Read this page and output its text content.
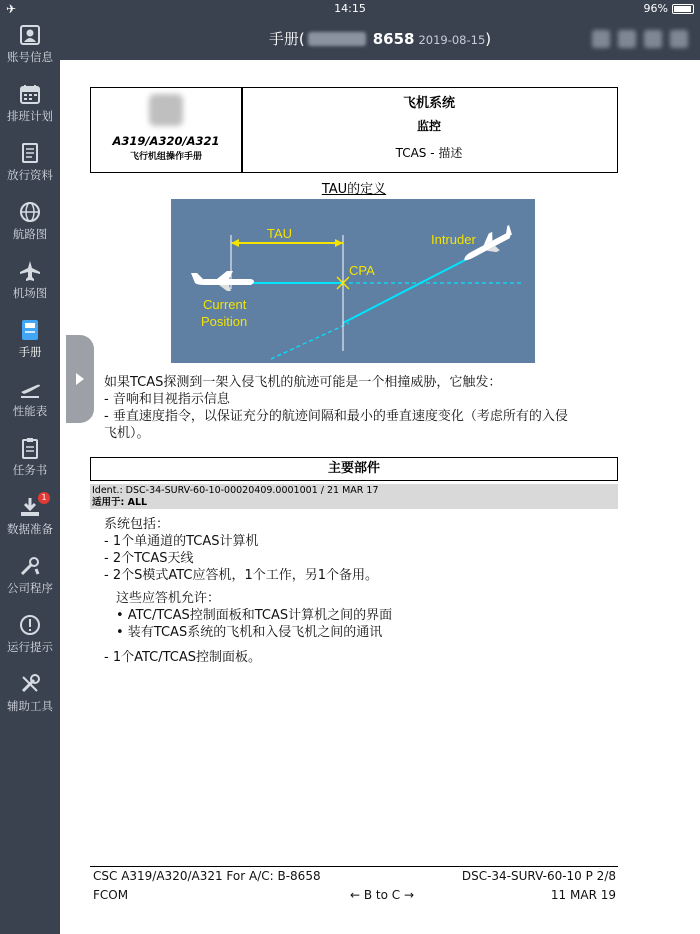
✈	14:15	96%
账号信息
排班计划
放行资料
航路图
机场图
手册
性能表
任务书
1
数据准备
公司程序
运行提示
辅助工具
手册(	8658 2019-08-15)
A319/A320/A321
飞行机组操作手册
飞机系统
监控
TCAS - 描述
TAU的定义
TAU
CPA
Current
Position
Intruder
如果TCAS探测到一架入侵飞机的航迹可能是一个相撞威胁，它触发：
- 音响和目视指示信息
- 垂直速度指令，以保证充分的航迹间隔和最小的垂直速度变化（考虑所有的入侵
飞机）。
主要部件
Ident.: DSC-34-SURV-60-10-00020409.0001001 / 21 MAR 17
适用于: ALL
系统包括：
- 1个单通道的TCAS计算机
- 2个TCAS天线
- 2个S模式ATC应答机，1个工作，另1个备用。
这些应答机允许：
• ATC/TCAS控制面板和TCAS计算机之间的界面
• 装有TCAS系统的飞机和入侵飞机之间的通讯
- 1个ATC/TCAS控制面板。
CSC A319/A320/A321 For A/C: B-8658
FCOM	← B to C →
DSC-34-SURV-60-10 P 2/8
11 MAR 19
